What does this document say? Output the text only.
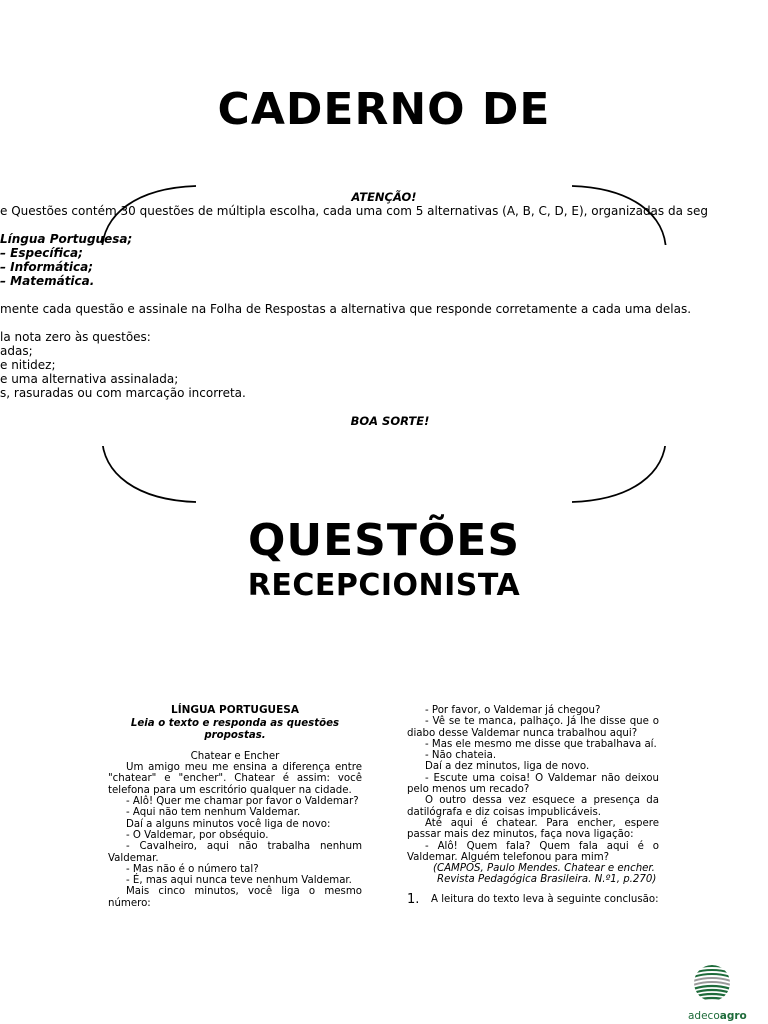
CADERNO DE
ATENÇÃO!
e Questões contém 30 questões de múltipla escolha, cada uma com 5 alternativas (A, B, C, D, E), organizadas da seg
Língua Portuguesa;
– Específica;
– Informática;
– Matemática.
mente cada questão e assinale na Folha de Respostas a alternativa que responde corretamente a cada uma delas.
la nota zero às questões:
adas;
e nitidez;
e uma alternativa assinalada;
s, rasuradas ou com marcação incorreta.
BOA SORTE!
QUESTÕES
RECEPCIONISTA

LÍNGUA PORTUGUESA

Leia o texto e responda as questões propostas.

Chatear e Encher

Um amigo meu me ensina a diferença entre "chatear" e "encher". Chatear é assim: você telefona para um escritório qualquer na cidade.

- Alô! Quer me chamar por favor o Valdemar?

- Aqui não tem nenhum Valdemar.

Daí a alguns minutos você liga de novo:

- O Valdemar, por obséquio.

- Cavalheiro, aqui não trabalha nenhum Valdemar.

- Mas não é o número tal?

- É, mas aqui nunca teve nenhum Valdemar.

Mais cinco minutos, você liga o mesmo número:

- Por favor, o Valdemar já chegou?

- Vê se te manca, palhaço. Já lhe disse que o diabo desse Valdemar nunca trabalhou aqui?

- Mas ele mesmo me disse que trabalhava aí.

- Não chateia.

Daí a dez minutos, liga de novo.

- Escute uma coisa! O Valdemar não deixou pelo menos um recado?

O outro dessa vez esquece a presença da datilógrafa e diz coisas impublicáveis.

Até aqui é chatear. Para encher, espere passar mais dez minutos, faça nova ligação:

- Alô! Quem fala? Quem fala aqui é o Valdemar. Alguém telefonou para mim?

(CAMPOS, Paulo Mendes. Chatear e encher.

Revista Pedagógica Brasileira. N.º1, p.270)

1.	A leitura do texto leva à seguinte conclusão:
adecoagro
